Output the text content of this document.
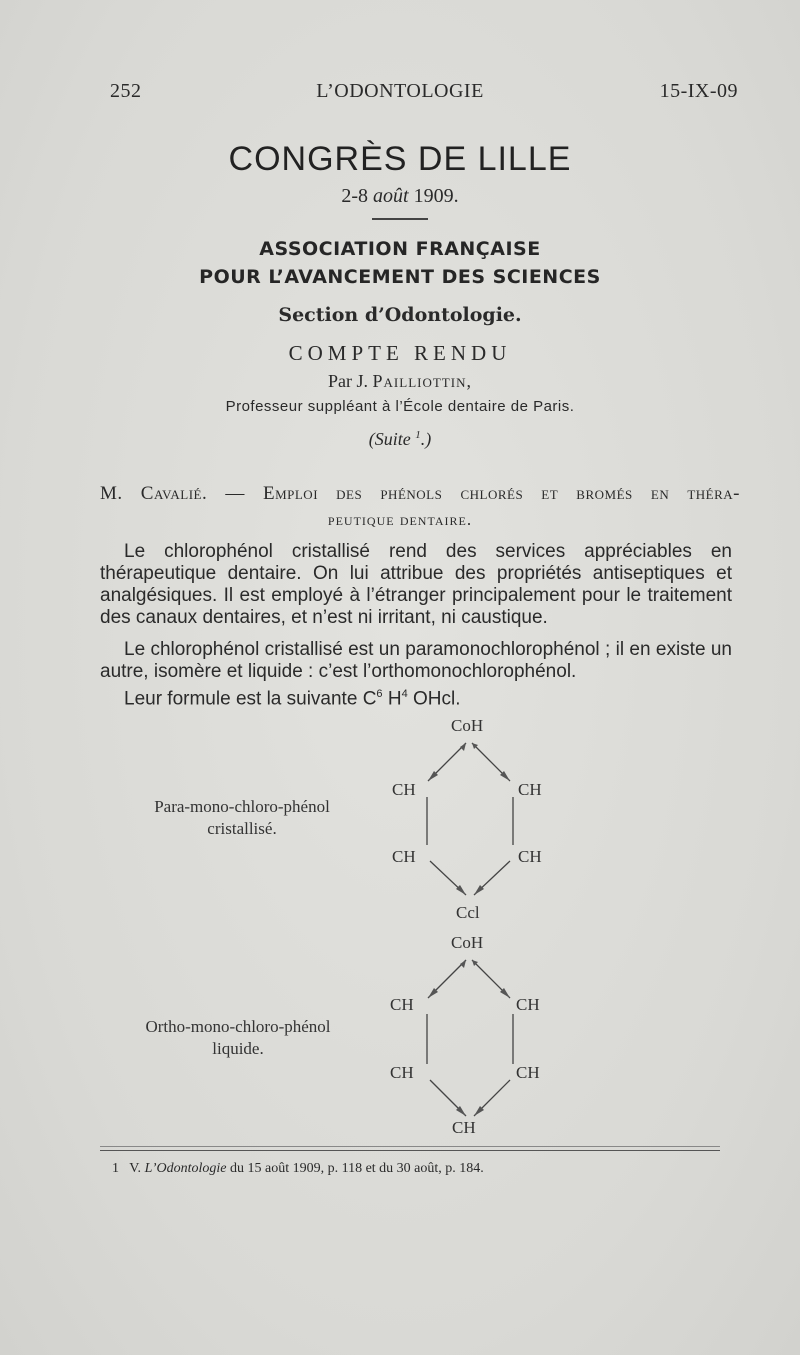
252	L’ODONTOLOGIE	15-IX-09
CONGRÈS DE LILLE
2-8 août 1909.
ASSOCIATION FRANÇAISE
POUR L’AVANCEMENT DES SCIENCES
Section d’Odontologie.
COMPTE RENDU
Par J. Pailliottin,
Professeur suppléant à l’École dentaire de Paris.
(Suite $^1$.)
M. Cavalié. — Emploi des phénols chlorés et bromés en théra-
peutique dentaire.
Le chlorophénol cristallisé rend des services appréciables en thérapeutique dentaire. On lui attribue des propriétés antiseptiques et analgésiques. Il est employé à l’étranger principalement pour le traitement des canaux dentaires, et n’est ni irritant, ni caustique.
Le chlorophénol cristallisé est un paramonochlorophénol ; il en existe un autre, isomère et liquide : c’est l’orthomonochlorophénol.
Leur formule est la suivante $C^6$ $H^4$ OHcl.
Para-mono-chloro-phénol
cristallisé.
CoH
CH	CH
CH	CH
Ccl
Ortho-mono-chloro-phénol
liquide.
CoH
CH	CH
CH	CH
CH
1 V. L’Odontologie du 15 août 1909, p. 118 et du 30 août, p. 184.
